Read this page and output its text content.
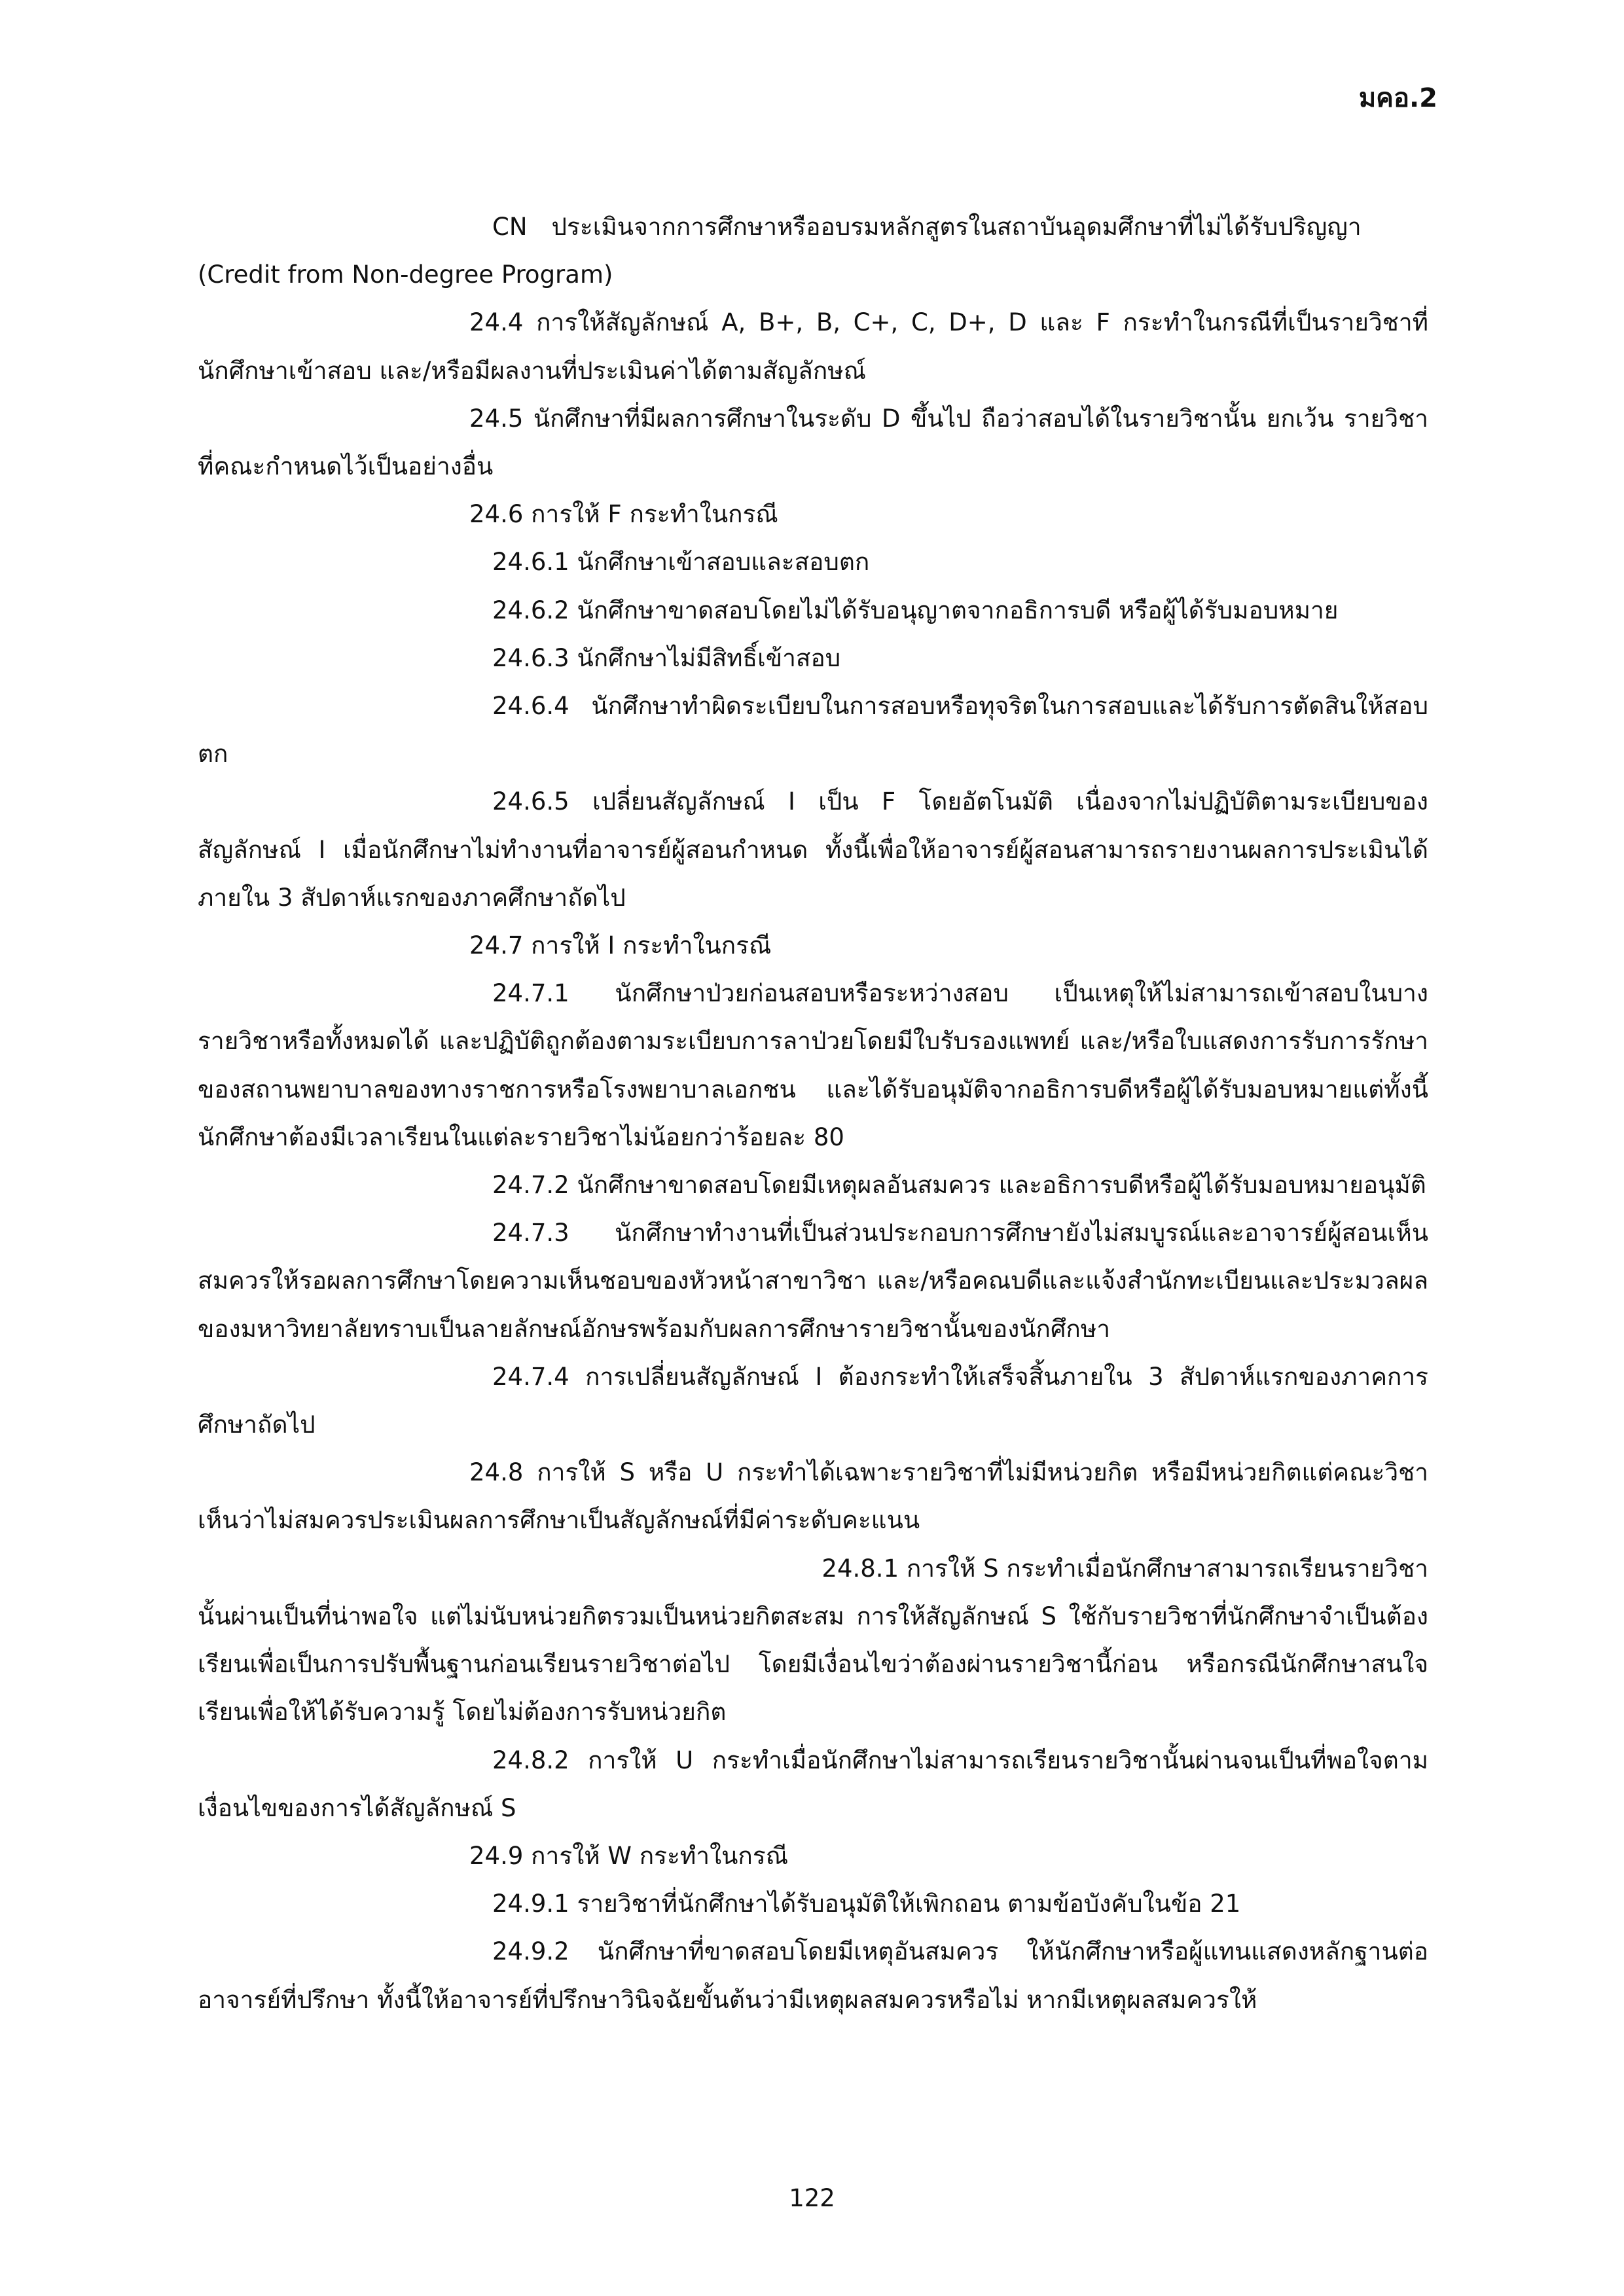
มคอ.2

CN ประเมินจากการศึกษาหรืออบรมหลักสูตรในสถาบันอุดมศึกษาที่ไม่ได้รับปริญญา (Credit from Non-degree Program)

24.4 การให้สัญลักษณ์ A, B+, B, C+, C, D+, D และ F กระทำในกรณีที่เป็นรายวิชาที่นักศึกษาเข้าสอบ และ/หรือมีผลงานที่ประเมินค่าได้ตามสัญลักษณ์

24.5 นักศึกษาที่มีผลการศึกษาในระดับ D ขึ้นไป ถือว่าสอบได้ในรายวิชานั้น ยกเว้น รายวิชาที่คณะกำหนดไว้เป็นอย่างอื่น

24.6 การให้ F กระทำในกรณี

24.6.1 นักศึกษาเข้าสอบและสอบตก

24.6.2 นักศึกษาขาดสอบโดยไม่ได้รับอนุญาตจากอธิการบดี หรือผู้ได้รับมอบหมาย

24.6.3 นักศึกษาไม่มีสิทธิ์เข้าสอบ

24.6.4 นักศึกษาทำผิดระเบียบในการสอบหรือทุจริตในการสอบและได้รับการตัดสินให้สอบตก

24.6.5 เปลี่ยนสัญลักษณ์ I เป็น F โดยอัตโนมัติ เนื่องจากไม่ปฏิบัติตามระเบียบของสัญลักษณ์ I เมื่อนักศึกษาไม่ทำงานที่อาจารย์ผู้สอนกำหนด ทั้งนี้เพื่อให้อาจารย์ผู้สอนสามารถรายงานผลการประเมินได้ภายใน 3 สัปดาห์แรกของภาคศึกษาถัดไป

24.7 การให้ I กระทำในกรณี

24.7.1 นักศึกษาป่วยก่อนสอบหรือระหว่างสอบ เป็นเหตุให้ไม่สามารถเข้าสอบในบางรายวิชาหรือทั้งหมดได้ และปฏิบัติถูกต้องตามระเบียบการลาป่วยโดยมีใบรับรองแพทย์ และ/หรือใบแสดงการรับการรักษาของสถานพยาบาลของทางราชการหรือโรงพยาบาลเอกชน และได้รับอนุมัติจากอธิการบดีหรือผู้ได้รับมอบหมายแต่ทั้งนี้นักศึกษาต้องมีเวลาเรียนในแต่ละรายวิชาไม่น้อยกว่าร้อยละ 80

24.7.2 นักศึกษาขาดสอบโดยมีเหตุผลอันสมควร และอธิการบดีหรือผู้ได้รับมอบหมายอนุมัติ

24.7.3 นักศึกษาทำงานที่เป็นส่วนประกอบการศึกษายังไม่สมบูรณ์และอาจารย์ผู้สอนเห็นสมควรให้รอผลการศึกษาโดยความเห็นชอบของหัวหน้าสาขาวิชา และ/หรือคณบดีและแจ้งสำนักทะเบียนและประมวลผลของมหาวิทยาลัยทราบเป็นลายลักษณ์อักษรพร้อมกับผลการศึกษารายวิชานั้นของนักศึกษา

24.7.4 การเปลี่ยนสัญลักษณ์ I ต้องกระทำให้เสร็จสิ้นภายใน 3 สัปดาห์แรกของภาคการศึกษาถัดไป

24.8 การให้ S หรือ U กระทำได้เฉพาะรายวิชาที่ไม่มีหน่วยกิต หรือมีหน่วยกิตแต่คณะวิชาเห็นว่าไม่สมควรประเมินผลการศึกษาเป็นสัญลักษณ์ที่มีค่าระดับคะแนน

24.8.1 การให้ S กระทำเมื่อนักศึกษาสามารถเรียนรายวิชา

นั้นผ่านเป็นที่น่าพอใจ แต่ไม่นับหน่วยกิตรวมเป็นหน่วยกิตสะสม การให้สัญลักษณ์ S ใช้กับรายวิชาที่นักศึกษาจำเป็นต้องเรียนเพื่อเป็นการปรับพื้นฐานก่อนเรียนรายวิชาต่อไป โดยมีเงื่อนไขว่าต้องผ่านรายวิชานี้ก่อน หรือกรณีนักศึกษาสนใจเรียนเพื่อให้ได้รับความรู้ โดยไม่ต้องการรับหน่วยกิต

24.8.2 การให้ U กระทำเมื่อนักศึกษาไม่สามารถเรียนรายวิชานั้นผ่านจนเป็นที่พอใจตามเงื่อนไขของการได้สัญลักษณ์ S

24.9 การให้ W กระทำในกรณี

24.9.1 รายวิชาที่นักศึกษาได้รับอนุมัติให้เพิกถอน ตามข้อบังคับในข้อ 21

24.9.2 นักศึกษาที่ขาดสอบโดยมีเหตุอันสมควร ให้นักศึกษาหรือผู้แทนแสดงหลักฐานต่ออาจารย์ที่ปรึกษา ทั้งนี้ให้อาจารย์ที่ปรึกษาวินิจฉัยขั้นต้นว่ามีเหตุผลสมควรหรือไม่ หากมีเหตุผลสมควรให้

122
